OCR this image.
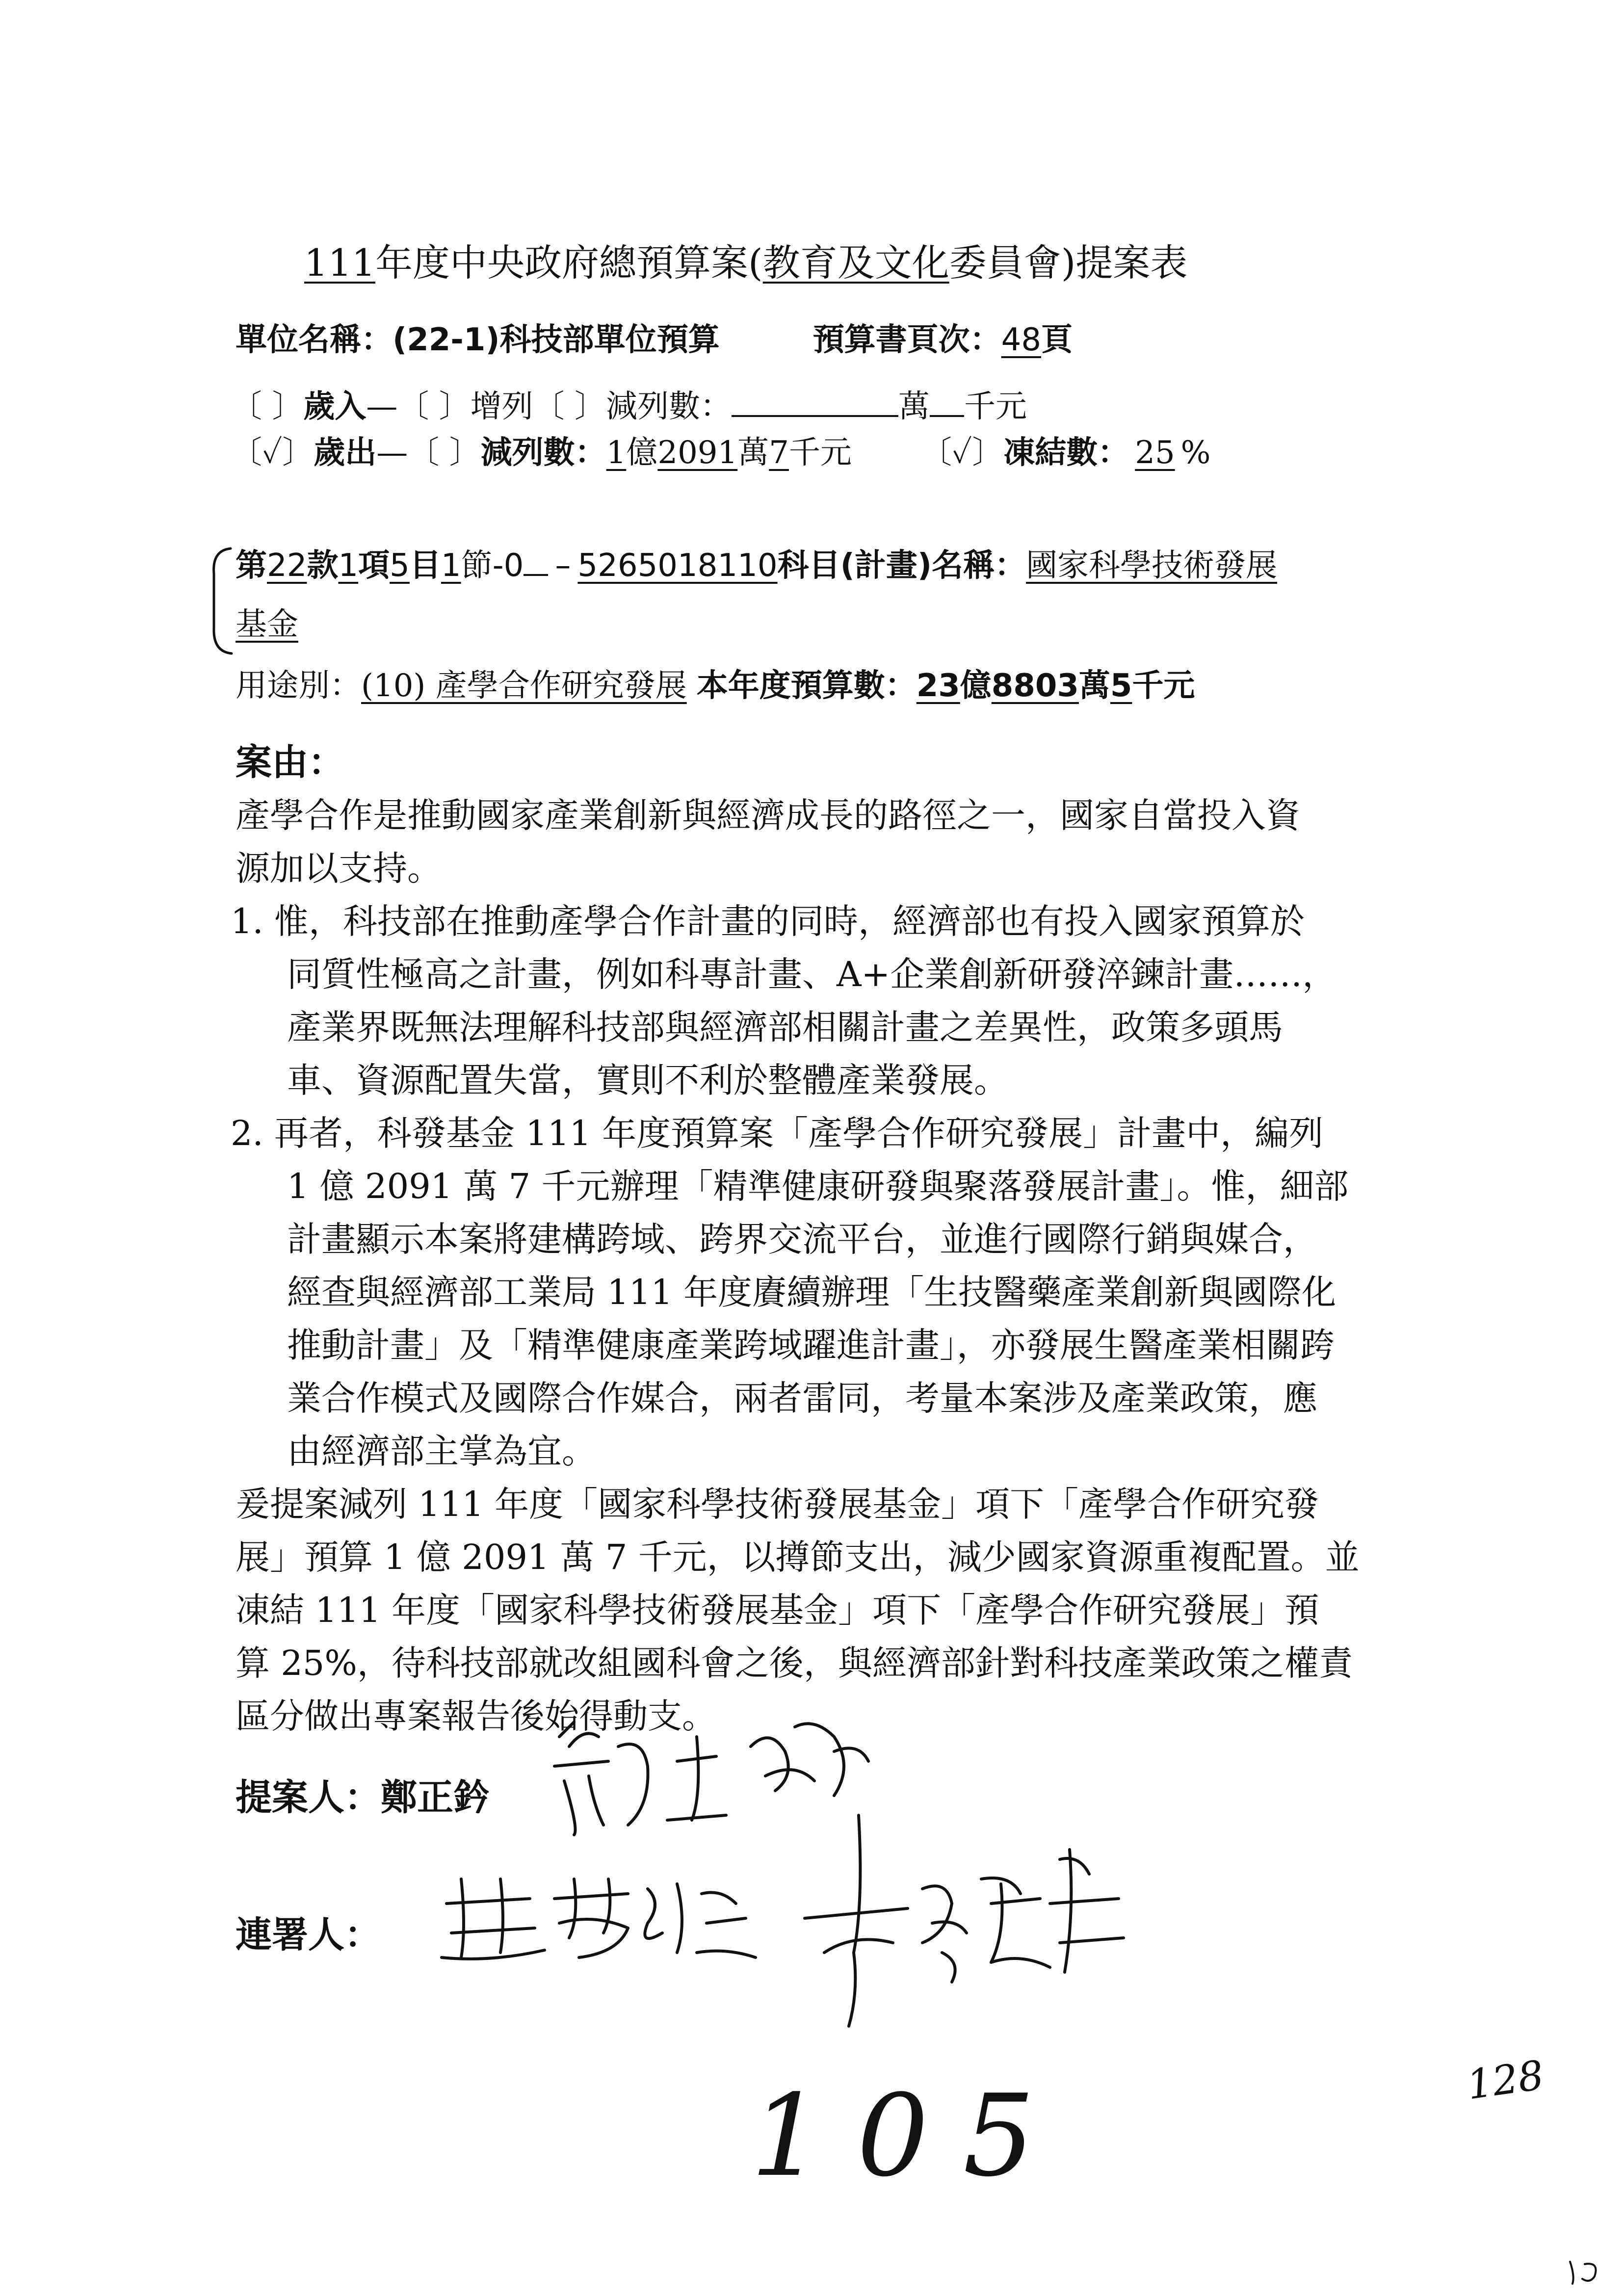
111年度中央政府總預算案(教育及文化委員會)提案表
單位名稱：(22-1)科技部單位預算	預算書頁次：48頁
〔 〕歲入—〔 〕增列〔 〕減列數：	萬 千元
〔✓〕歲出—〔 〕減列數：1億2091萬7千元 〔✓〕凍結數： 25 %
第22款1項5目1節-0 – 5265018110科目(計畫)名稱：國家科學技術發展
基金
用途別：(10) 產學合作研究發展 本年度預算數：23億8803萬5千元
案由：
產學合作是推動國家產業創新與經濟成長的路徑之一，國家自當投入資
源加以支持。
1. 惟，科技部在推動產學合作計畫的同時，經濟部也有投入國家預算於
同質性極高之計畫，例如科專計畫、A+企業創新研發淬鍊計畫……，
產業界既無法理解科技部與經濟部相關計畫之差異性，政策多頭馬
車、資源配置失當，實則不利於整體產業發展。
2. 再者，科發基金 111 年度預算案「產學合作研究發展」計畫中，編列
1 億 2091 萬 7 千元辦理「精準健康研發與聚落發展計畫」。惟，細部
計畫顯示本案將建構跨域、跨界交流平台，並進行國際行銷與媒合，
經查與經濟部工業局 111 年度賡續辦理「生技醫藥產業創新與國際化
推動計畫」及「精準健康產業跨域躍進計畫」，亦發展生醫產業相關跨
業合作模式及國際合作媒合，兩者雷同，考量本案涉及產業政策，應
由經濟部主掌為宜。
爰提案減列 111 年度「國家科學技術發展基金」項下「產學合作研究發
展」預算 1 億 2091 萬 7 千元，以撙節支出，減少國家資源重複配置。並
凍結 111 年度「國家科學技術發展基金」項下「產學合作研究發展」預
算 25%，待科技部就改組國科會之後，與經濟部針對科技產業政策之權責
區分做出專案報告後始得動支。
提案人：鄭正鈐
連署人：
105	128
